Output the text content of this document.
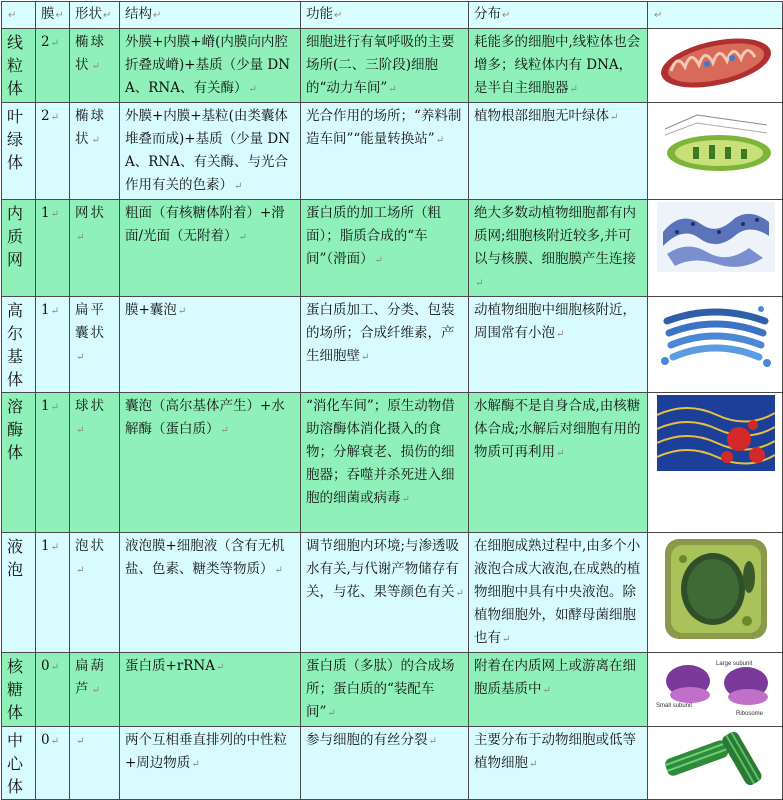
↵	膜↵	形状↵	结构↵	功能↵	分布↵	↵
线粒体	2↵	椭球状↵	外膜+内膜+嵴(内膜向内腔折叠成嵴)+基质（少量 DNA、RNA、有关酶）↵	细胞进行有氧呼吸的主要场所(二、三阶段)细胞的“动力车间”↵	耗能多的细胞中,线粒体也会增多；线粒体内有 DNA，是半自主细胞器↵	

叶绿体	2↵	椭球状↵	外膜+内膜+基粒(由类囊体堆叠而成)+基质（少量 DNA、RNA、有关酶、与光合作用有关的色素）↵	光合作用的场所；“养料制造车间”“能量转换站”↵	植物根部细胞无叶绿体↵	

内质网	1↵	网状↵	粗面（有核糖体附着）+滑面/光面（无附着）↵	蛋白质的加工场所（粗面）；脂质合成的“车间”（滑面）↵	绝大多数动植物细胞都有内质网;细胞核附近较多,并可以与核膜、细胞膜产生连接↵	

高尔基体	1↵	扁平囊状↵	膜+囊泡↵	蛋白质加工、分类、包装的场所；合成纤维素，产生细胞壁↵	动植物细胞中细胞核附近，周围常有小泡↵	

溶酶体	1↵	球状↵	囊泡（高尔基体产生）+水解酶（蛋白质）↵	“消化车间”；原生动物借助溶酶体消化摄入的食物；分解衰老、损伤的细胞器；吞噬并杀死进入细胞的细菌或病毒↵	水解酶不是自身合成,由核糖体合成;水解后对细胞有用的物质可再利用↵	

液泡	1↵	泡状↵	液泡膜+细胞液（含有无机盐、色素、糖类等物质）↵	调节细胞内环境;与渗透吸水有关,与代谢产物储存有关，与花、果等颜色有关↵	在细胞成熟过程中,由多个小液泡合成大液泡,在成熟的植物细胞中具有中央液泡。除植物细胞外，如酵母菌细胞也有↵	

核糖体	0↵	扁葫芦↵	蛋白质+rRNA↵	蛋白质（多肽）的合成场所；蛋白质的“装配车间”↵	附着在内质网上或游离在细胞质基质中↵	Large subunit
Small subunit
Ribosome

中心体	0↵	↵	两个互相垂直排列的中性粒+周边物质↵	参与细胞的有丝分裂↵	主要分布于动物细胞或低等植物细胞↵	
